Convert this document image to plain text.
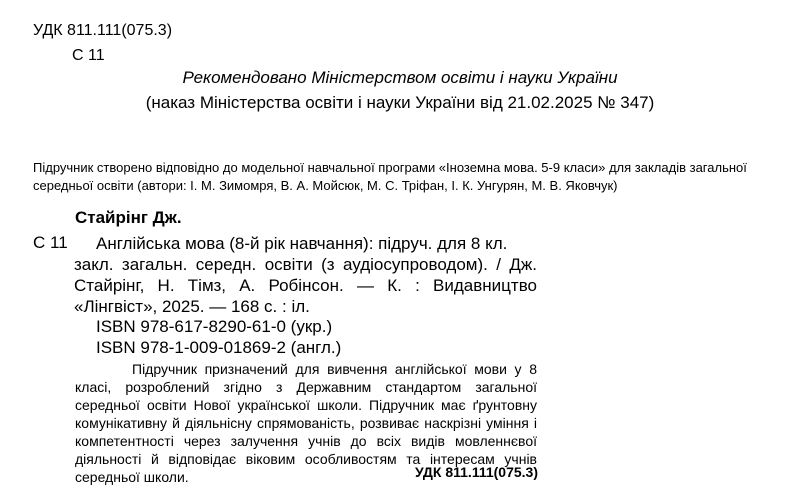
УДК 811.111(075.3)
С 11
Рекомендовано Міністерством освіти і науки України
(наказ Міністерства освіти і науки України від 21.02.2025 № 347)
Підручник створено відповідно до модельної навчальної програми «Іноземна мова. 5-9 класи» для закладів загальної середньої освіти (автори: І. М. Зимомря, В. А. Мойсюк, М. С. Тріфан, І. К. Унгурян, М. В. Яковчук)
Стайрінг Дж.
С 11 Англійська мова (8-й рік навчання): підруч. для 8 кл.
закл. загальн. середн. освіти (з аудіосупроводом). / Дж. Стайрінг, Н. Тімз, А. Робінсон. — К. : Видавництво «Лінгвіст», 2025. — 168 с. : іл.
ISBN 978-617-8290-61-0 (укр.)
ISBN 978-1-009-01869-2 (англ.)
Підручник призначений для вивчення англійської мови у 8 класі, розроблений згідно з Державним стандартом загальної середньої освіти Нової української школи. Підручник має ґрунтовну комунікативну й діяльнісну спрямованість, розвиває наскрізні уміння і компетентності через залучення учнів до всіх видів мовленнєвої діяльності й відповідає віковим особливостям та інтересам учнів середньої школи.	УДК 811.111(075.3)
